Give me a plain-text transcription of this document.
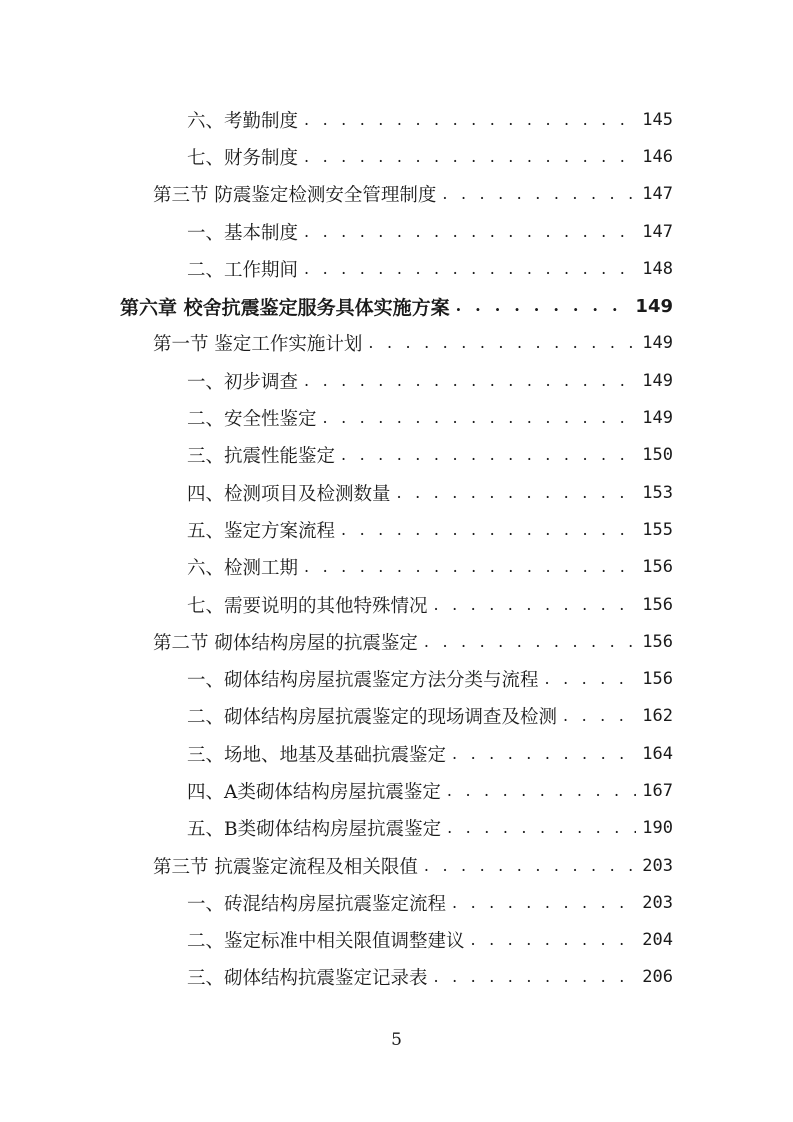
六、考勤制度 . . .	145
七、财务制度 . . .	146
第三节 防震鉴定检测安全管理制度 . . .	147
一、基本制度 . . .	147
二、工作期间 . . .	148
第六章 校舍抗震鉴定服务具体实施方案 . . .	149
第一节 鉴定工作实施计划 . . .	149
一、初步调查 . . .	149
二、安全性鉴定 . . .	149
三、抗震性能鉴定 . . .	150
四、检测项目及检测数量 . . .	153
五、鉴定方案流程 . . .	155
六、检测工期 . . .	156
七、需要说明的其他特殊情况 . . .	156
第二节 砌体结构房屋的抗震鉴定 . . .	156
一、砌体结构房屋抗震鉴定方法分类与流程 . . .	156
二、砌体结构房屋抗震鉴定的现场调查及检测 . . .	162
三、场地、地基及基础抗震鉴定 . . .	164
四、A类砌体结构房屋抗震鉴定 . . .	167
五、B类砌体结构房屋抗震鉴定 . . .	190
第三节 抗震鉴定流程及相关限值 . . .	203
一、砖混结构房屋抗震鉴定流程 . . .	203
二、鉴定标准中相关限值调整建议 . . .	204
三、砌体结构抗震鉴定记录表 . . .	206
5
